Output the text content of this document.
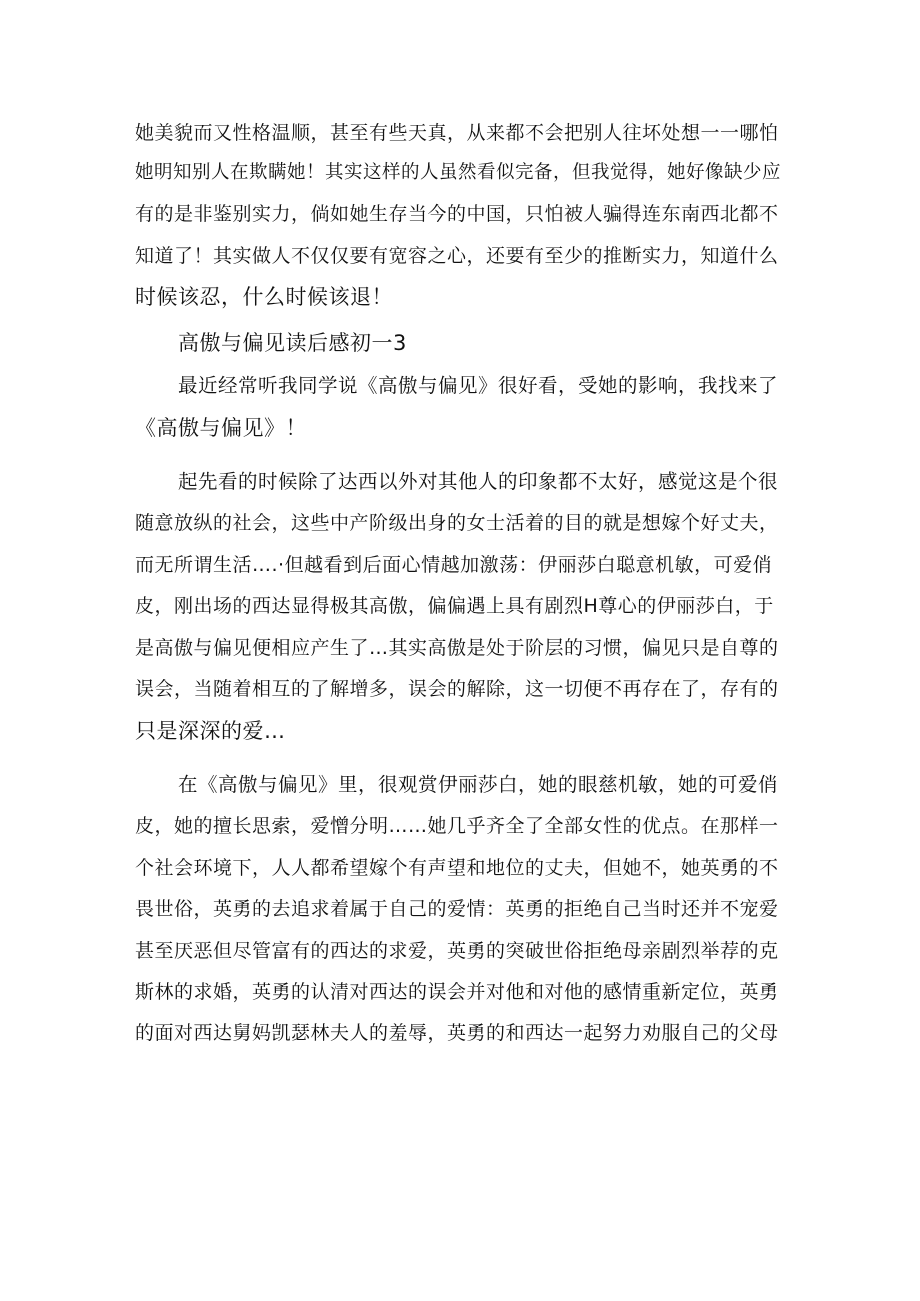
她美貌而又性格温顺，甚至有些天真，从来都不会把别人往坏处想一一哪怕
她明知别人在欺瞒她！其实这样的人虽然看似完备，但我觉得，她好像缺少应
有的是非鉴别实力，倘如她生存当今的中国，只怕被人骗得连东南西北都不
知道了！其实做人不仅仅要有宽容之心，还要有至少的推断实力，知道什么
时候该忍，什么时候该退！
高傲与偏见读后感初一3
最近经常听我同学说《高傲与偏见》很好看，受她的影响，我找来了
《高傲与偏见》！
起先看的时候除了达西以外对其他人的印象都不太好，感觉这是个很
随意放纵的社会，这些中产阶级出身的女士活着的目的就是想嫁个好丈夫，
而无所谓生活….·但越看到后面心情越加激荡：伊丽莎白聪意机敏，可爱俏
皮，刚出场的西达显得极其高傲，偏偏遇上具有剧烈H尊心的伊丽莎白，于
是高傲与偏见便相应产生了…其实高傲是处于阶层的习惯，偏见只是自尊的
误会，当随着相互的了解增多，误会的解除，这一切便不再存在了，存有的
只是深深的爱…
在《高傲与偏见》里，很观赏伊丽莎白，她的眼慈机敏，她的可爱俏
皮，她的擅长思索，爱憎分明……她几乎齐全了全部女性的优点。在那样一
个社会环境下，人人都希望嫁个有声望和地位的丈夫，但她不，她英勇的不
畏世俗，英勇的去追求着属于自己的爱情：英勇的拒绝自己当时还并不宠爱
甚至厌恶但尽管富有的西达的求爱，英勇的突破世俗拒绝母亲剧烈举荐的克
斯林的求婚，英勇的认清对西达的误会并对他和对他的感情重新定位，英勇
的面对西达舅妈凯瑟林夫人的羞辱，英勇的和西达一起努力劝服自己的父母
